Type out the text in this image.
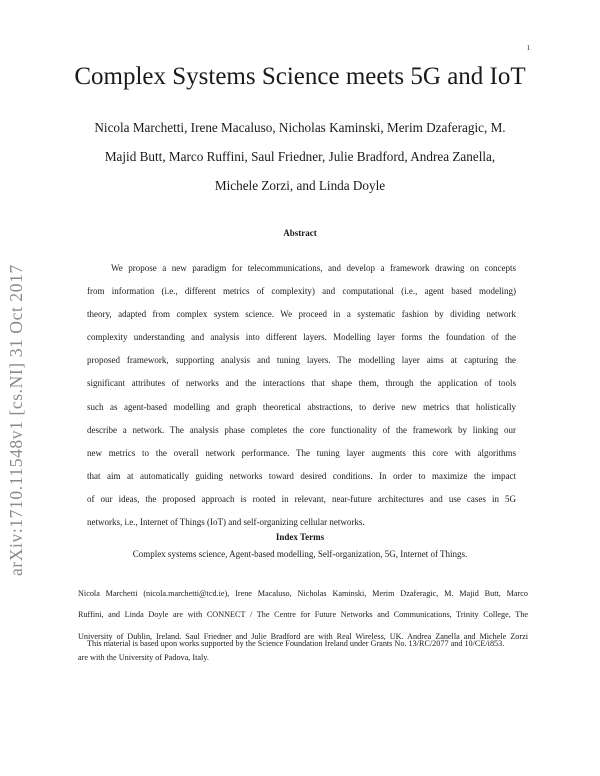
1
arXiv:1710.11548v1 [cs.NI] 31 Oct 2017
Complex Systems Science meets 5G and IoT
Nicola Marchetti, Irene Macaluso, Nicholas Kaminski, Merim Dzaferagic, M.
Majid Butt, Marco Ruffini, Saul Friedner, Julie Bradford, Andrea Zanella,
Michele Zorzi, and Linda Doyle
Abstract
We propose a new paradigm for telecommunications, and develop a framework drawing on concepts
from information (i.e., different metrics of complexity) and computational (i.e., agent based modeling)
theory, adapted from complex system science. We proceed in a systematic fashion by dividing network
complexity understanding and analysis into different layers. Modelling layer forms the foundation of the
proposed framework, supporting analysis and tuning layers. The modelling layer aims at capturing the
significant attributes of networks and the interactions that shape them, through the application of tools
such as agent-based modelling and graph theoretical abstractions, to derive new metrics that holistically
describe a network. The analysis phase completes the core functionality of the framework by linking our
new metrics to the overall network performance. The tuning layer augments this core with algorithms
that aim at automatically guiding networks toward desired conditions. In order to maximize the impact
of our ideas, the proposed approach is rooted in relevant, near-future architectures and use cases in 5G
networks, i.e., Internet of Things (IoT) and self-organizing cellular networks.
Index Terms
Complex systems science, Agent-based modelling, Self-organization, 5G, Internet of Things.
Nicola Marchetti (nicola.marchetti@tcd.ie), Irene Macaluso, Nicholas Kaminski, Merim Dzaferagic, M. Majid Butt, Marco
Ruffini, and Linda Doyle are with CONNECT / The Centre for Future Networks and Communications, Trinity College, The
University of Dublin, Ireland. Saul Friedner and Julie Bradford are with Real Wireless, UK. Andrea Zanella and Michele Zorzi
are with the University of Padova, Italy.
This material is based upon works supported by the Science Foundation Ireland under Grants No. 13/RC/2077 and 10/CE/i853.
